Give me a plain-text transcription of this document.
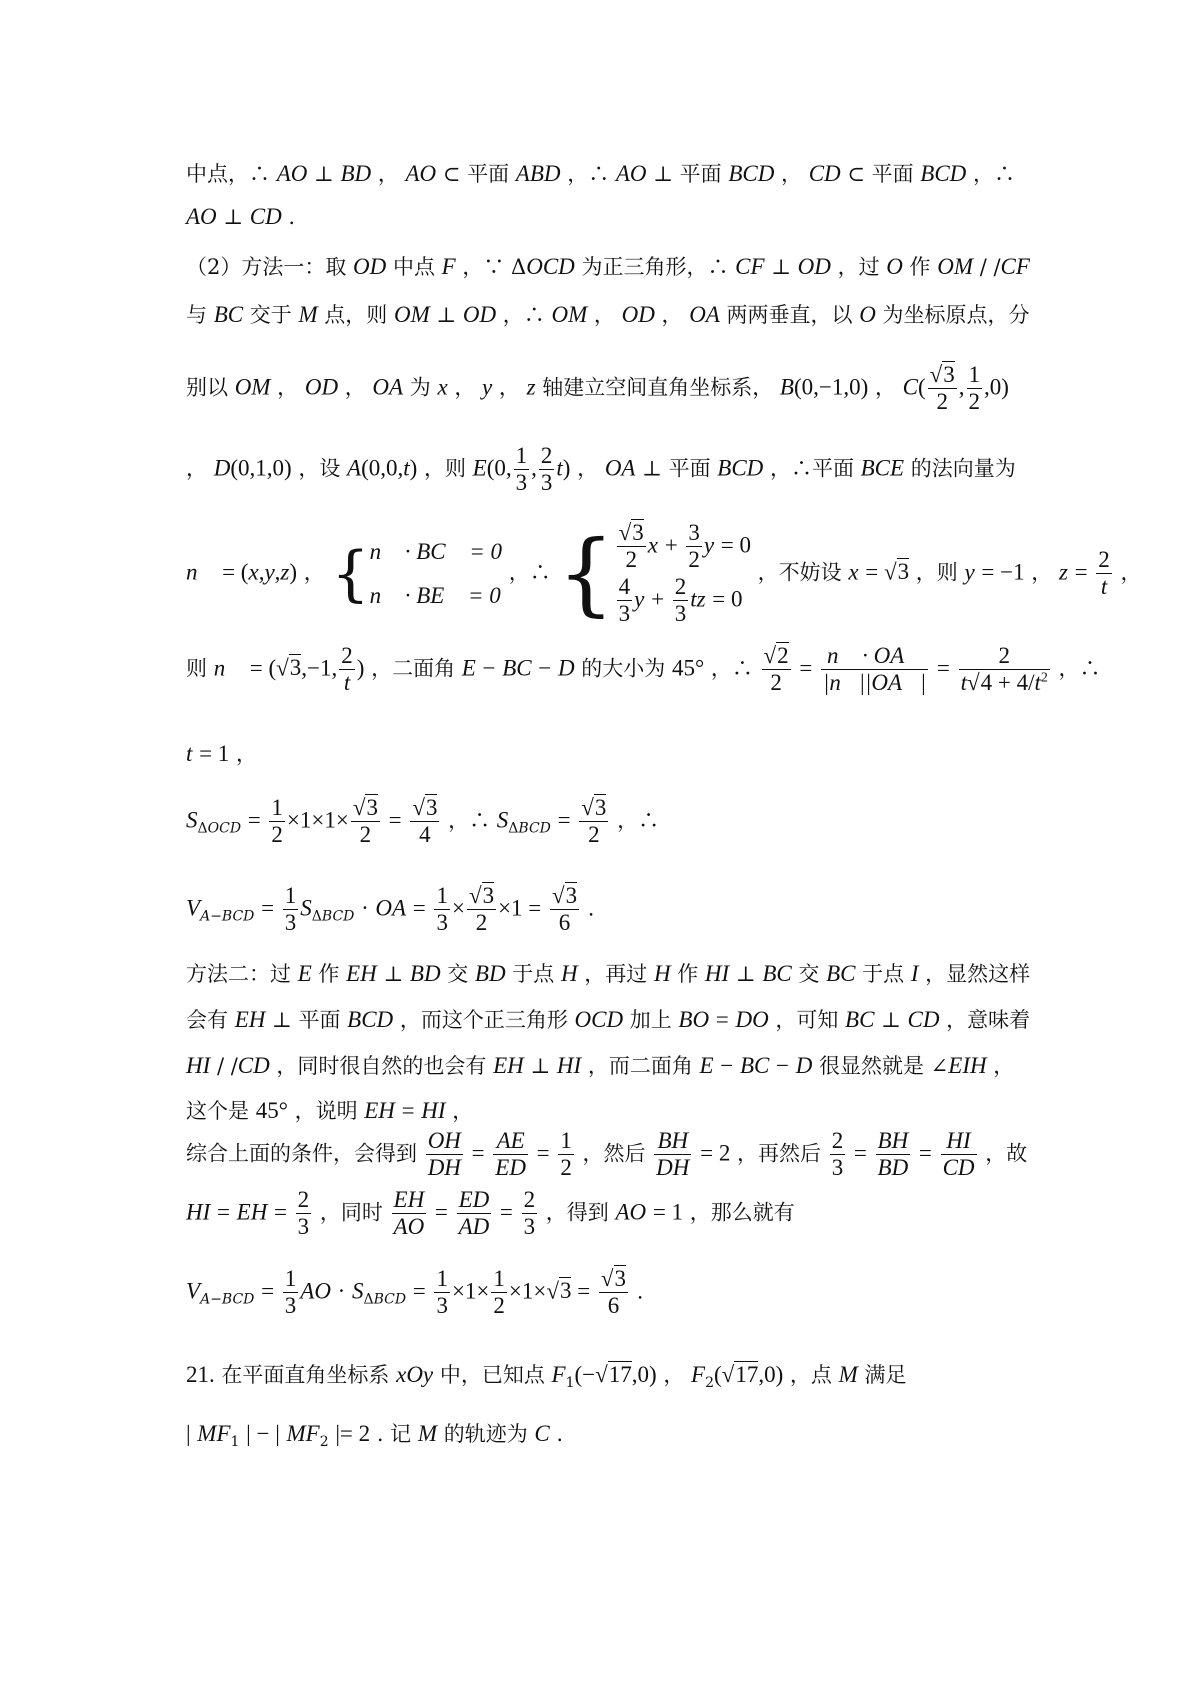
中点，∴ AO ⊥ BD ， AO ⊂ 平面 ABD ，∴ AO ⊥ 平面 BCD ， CD ⊂ 平面 BCD ，∴
AO ⊥ CD .
（2）方法一：取 OD 中点 F ，∵ ΔOCD 为正三角形，∴ CF ⊥ OD ，过 O 作 OM / /CF
与 BC 交于 M 点，则 OM ⊥ OD ，∴ OM ， OD ， OA 两两垂直，以 O 为坐标原点，分
别以 OM ， OD ， OA 为 x ， y ， z 轴建立空间直角坐标系， B(0,−1,0) ， $C( \frac{√3}{2}$ , $\frac{1}{2} ,0$)
， D(0,1,0) ，设 A(0,0,t) ，则 E(0, $\frac{1}{3}$ , $\frac{2}{3} t$) ， OA ⊥ 平面 BCD ，∴平面 BCE 的法向量为
n⃗ = (x,y,z) ， { n⃗ · BC⃗ = 0
n⃗ · BE⃗ = 0
，∴ { $\frac{√3}{2}$ $x + \frac{3}{2}$ y = 0
$\frac{4}{3}$ $y + \frac{2}{3}$ tz = 0
，不妨设 x = √3 ，则 y = −1 ， $z = \frac{2}{t}$ ，
则 n⃗ = (√3,−1, $\frac{2}{t}$ ) ，二面角 E − BC − D 的大小为 45° ，∴ $\frac{√2}{2} = \frac{n⃗ \cdot OA⃗}{|n⃗||OA⃗|} = \frac{2}{t√4 + 4/t^2}$ ，∴
t = 1 ，
$S_{\Delta OCD} = \frac{1}{2} \times 1\times 1\times \frac{√3}{2} = \frac{√3}{4}$ ，∴ $S_{\Delta BCD} = \frac{√3}{2}$ ，∴
$V_{A-BCD} = \frac{1}{3} S_{\Delta BCD}$ · OA = $\frac{1}{3} \times \frac{√3}{2} \times 1 = \frac{√3}{6}$ .
方法二：过 E 作 EH ⊥ BD 交 BD 于点 H ，再过 H 作 HI ⊥ BC 交 BC 于点 I ，显然这样
会有 EH ⊥ 平面 BCD ，而这个正三角形 OCD 加上 BO = DO ，可知 BC ⊥ CD ，意味着
HI / /CD ，同时很自然的也会有 EH ⊥ HI ，而二面角 E − BC − D 很显然就是 ∠EIH ，
这个是 45° ，说明 EH = HI ，
综合上面的条件，会得到 $\frac{OH}{DH} = \frac{AE}{ED} = \frac{1}{2}$ ，然后 $\frac{BH}{DH} = 2$ ，再然后 $\frac{2}{3} = \frac{BH}{BD} = \frac{HI}{CD}$ ，故
HI = EH = $\frac{2}{3}$ ，同时 $\frac{EH}{AO} = \frac{ED}{AD} = \frac{2}{3}$ ，得到 AO = 1 ，那么就有
$V_{A-BCD} = \frac{1}{3}$ AO · $S_{\Delta BCD} = \frac{1}{3} \times 1\times \frac{1}{2} \times 1\times√3 = \frac{√3}{6}$ .
21. 在平面直角坐标系 xOy 中，已知点 $F_1(-√17,0)$ ， $F_2(√17,0)$ ，点 M 满足
| $MF_1$ | − | $MF_2$ |= 2 . 记 M 的轨迹为 C .
